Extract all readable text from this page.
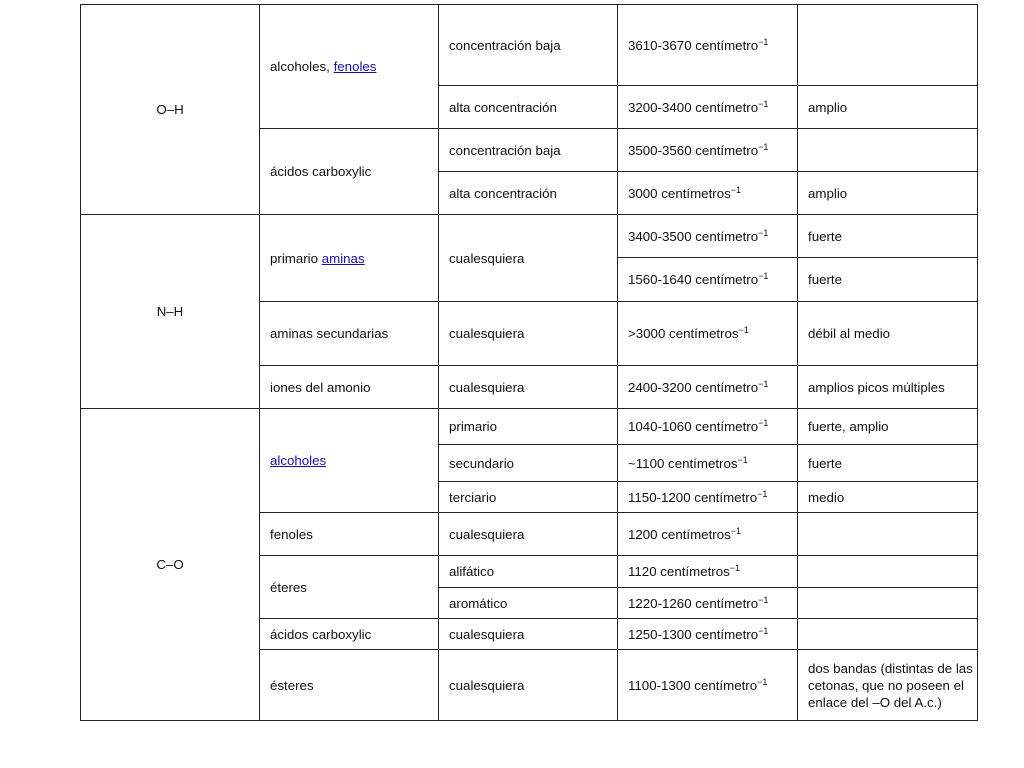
O–H	alcoholes, fenoles	concentración baja	3610-3670 centímetro$^{-1}$	
		alta concentración	3200-3400 centímetro$^{-1}$	amplio
	ácidos carboxylic	concentración baja	3500-3560 centímetro$^{-1}$	
		alta concentración	3000 centímetros$^{-1}$	amplio
N–H	primario aminas	cualesquiera	3400-3500 centímetro$^{-1}$	fuerte
			1560-1640 centímetro$^{-1}$	fuerte
	aminas secundarias	cualesquiera	>3000 centímetros$^{-1}$	débil al medio
	iones del amonio	cualesquiera	2400-3200 centímetro$^{-1}$	amplios picos múltiples
C–O	alcoholes	primario	1040-1060 centímetro$^{-1}$	fuerte, amplio
		secundario	~1100 centímetros$^{-1}$	fuerte
		terciario	1150-1200 centímetro$^{-1}$	medio
	fenoles	cualesquiera	1200 centímetros$^{-1}$	
	éteres	alifático	1120 centímetros$^{-1}$	
		aromático	1220-1260 centímetro$^{-1}$	
	ácidos carboxylic	cualesquiera	1250-1300 centímetro$^{-1}$	
	ésteres	cualesquiera	1100-1300 centímetro$^{-1}$	dos bandas (distintas de las cetonas, que no poseen el enlace del –O del A.c.)
